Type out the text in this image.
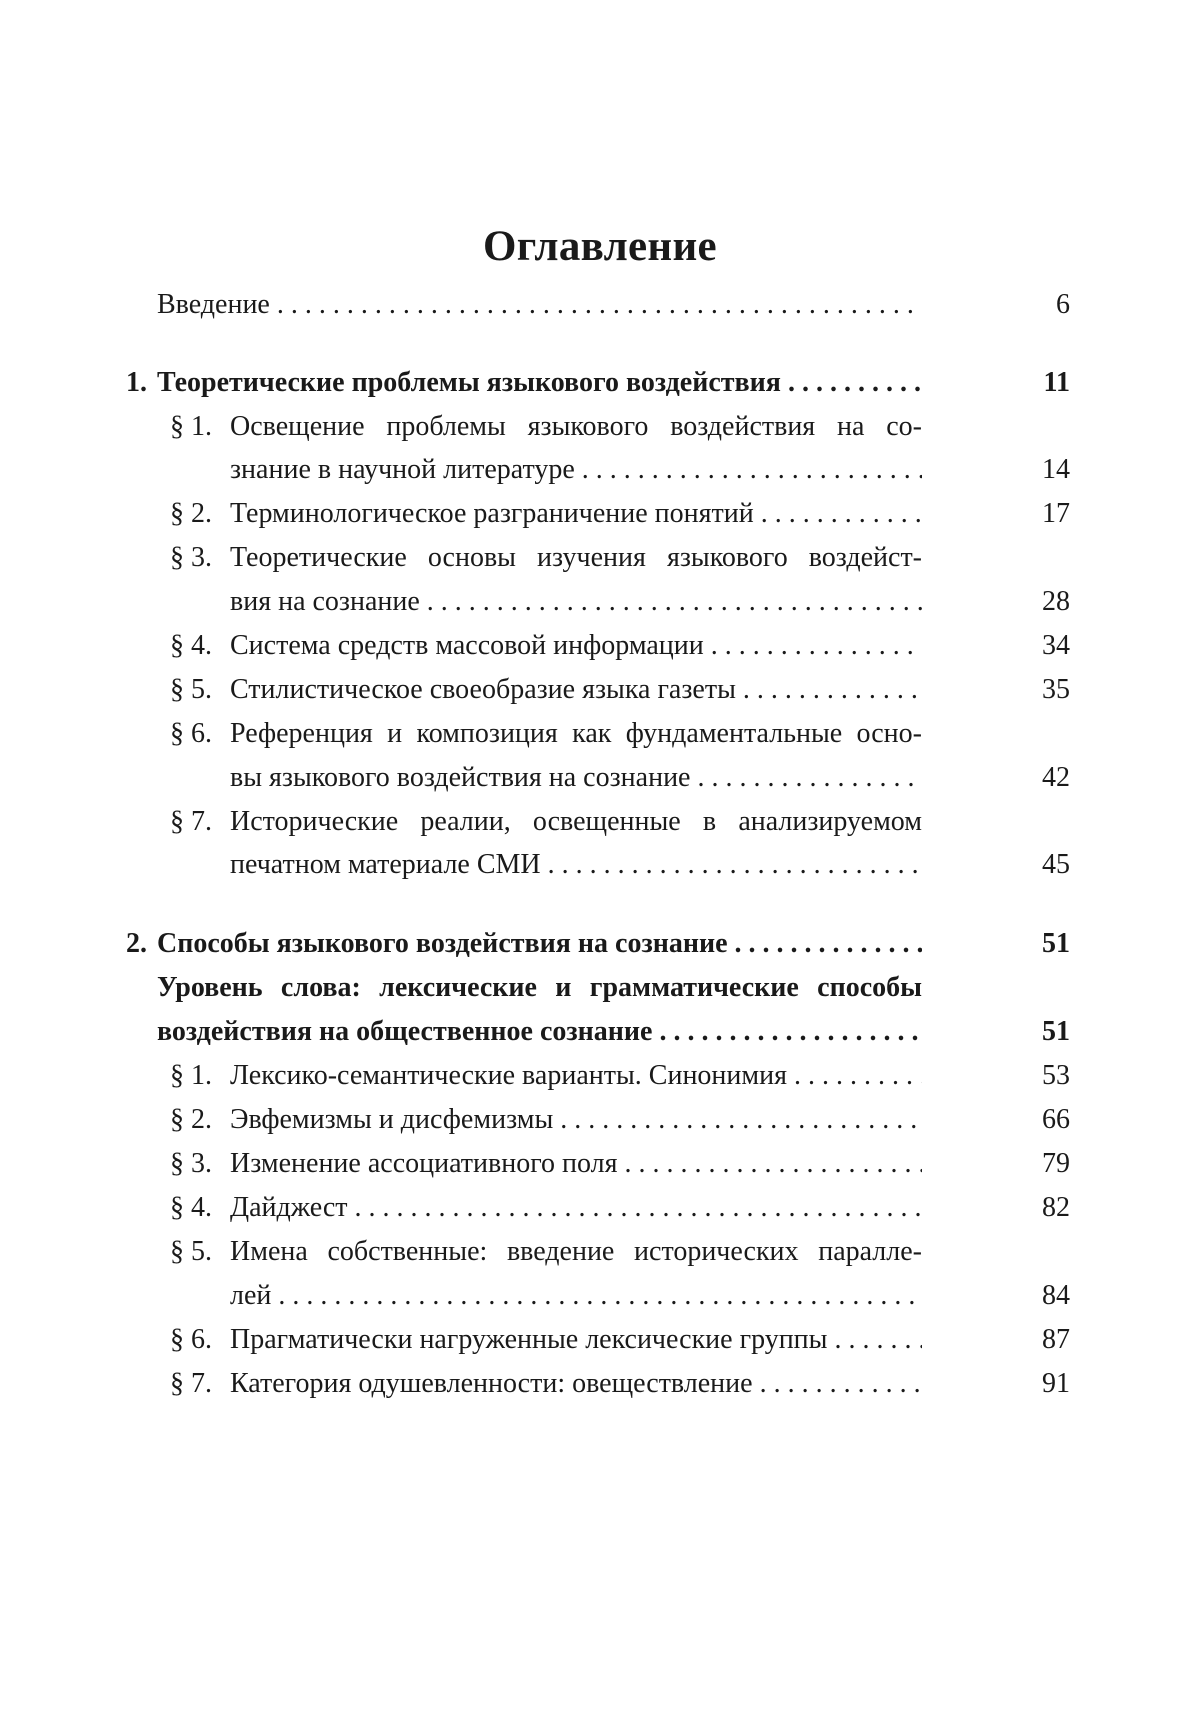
Оглавление
Введение . . .	6
1. Теоретические проблемы языкового воздействия . . .	11
§ 1. Освещение проблемы языкового воздействия на со-
знание в научной литературе . . .	14
§ 2. Терминологическое разграничение понятий . . .	17
§ 3. Теоретические основы изучения языкового воздейст-
вия на сознание . . .	28
§ 4. Система средств массовой информации . . .	34
§ 5. Стилистическое своеобразие языка газеты . . .	35
§ 6. Референция и композиция как фундаментальные осно-
вы языкового воздействия на сознание . . .	42
§ 7. Исторические реалии, освещенные в анализируемом
печатном материале СМИ . . .	45
2. Способы языкового воздействия на сознание . . .	51
Уровень слова: лексические и грамматические способы
воздействия на общественное сознание . . .	51
§ 1. Лексико-семантические варианты. Синонимия . . .	53
§ 2. Эвфемизмы и дисфемизмы . . .	66
§ 3. Изменение ассоциативного поля . . .	79
§ 4. Дайджест . . .	82
§ 5. Имена собственные: введение исторических паралле-
лей . . .	84
§ 6. Прагматически нагруженные лексические группы . . .	87
§ 7. Категория одушевленности: овеществление . . .	91
